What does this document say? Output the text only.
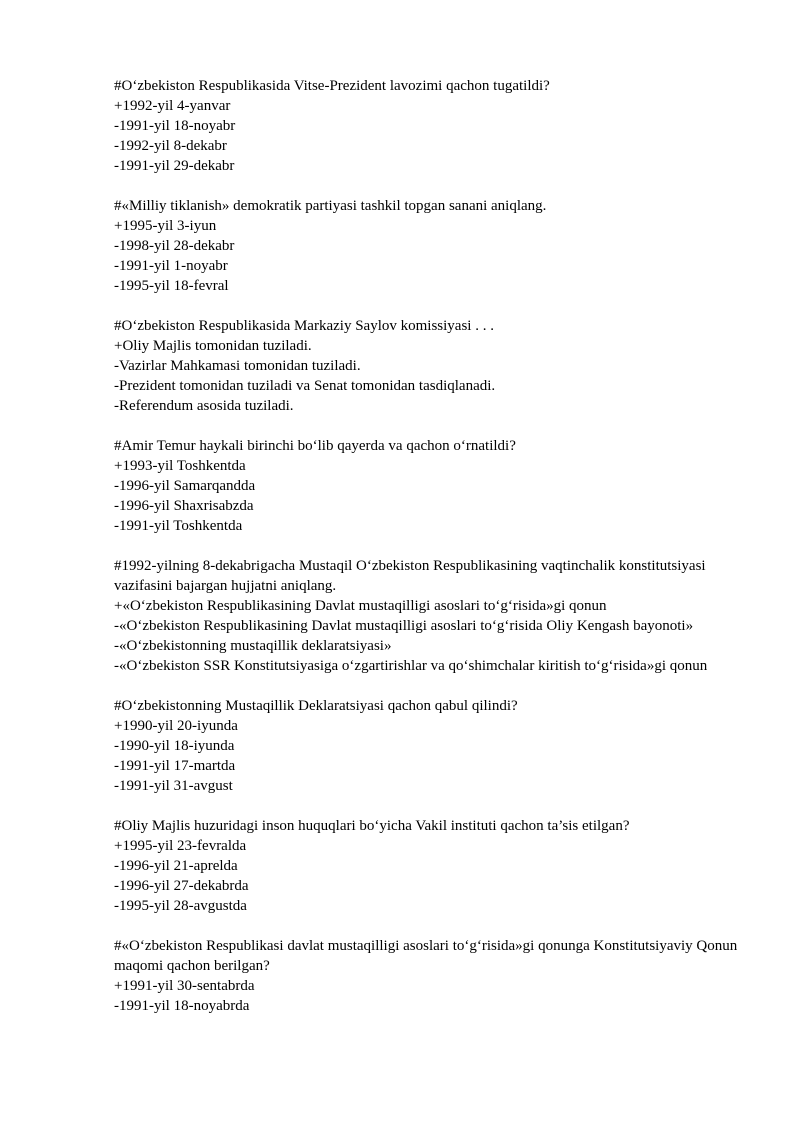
#O‘zbekiston Respublikasida Vitse-Prezident lavozimi qachon tugatildi?
+1992-yil 4-yanvar
-1991-yil 18-noyabr
-1992-yil 8-dekabr
-1991-yil 29-dekabr
#«Milliy tiklanish» demokratik partiyasi tashkil topgan sanani aniqlang.
+1995-yil 3-iyun
-1998-yil 28-dekabr
-1991-yil 1-noyabr
-1995-yil 18-fevral
#O‘zbekiston Respublikasida Markaziy Saylov komissiyasi . . .
+Oliy Majlis tomonidan tuziladi.
-Vazirlar Mahkamasi tomonidan tuziladi.
-Prezident tomonidan tuziladi va Senat tomonidan tasdiqlanadi.
-Referendum asosida tuziladi.
#Amir Temur haykali birinchi bo‘lib qayerda va qachon o‘rnatildi?
+1993-yil Toshkentda
-1996-yil Samarqandda
-1996-yil Shaxrisabzda
-1991-yil Toshkentda
#1992-yilning 8-dekabrigacha Mustaqil O‘zbekiston Respublikasining vaqtinchalik konstitutsiyasi vazifasini bajargan hujjatni aniqlang.
+«O‘zbekiston Respublikasining Davlat mustaqilligi asoslari to‘g‘risida»gi qonun
-«O‘zbekiston Respublikasining Davlat mustaqilligi asoslari to‘g‘risida Oliy Kengash bayonoti»
-«O‘zbekistonning mustaqillik deklaratsiyasi»
-«O‘zbekiston SSR Konstitutsiyasiga o‘zgartirishlar va qo‘shimchalar kiritish to‘g‘risida»gi qonun
#O‘zbekistonning Mustaqillik Deklaratsiyasi qachon qabul qilindi?
+1990-yil 20-iyunda
-1990-yil 18-iyunda
-1991-yil 17-martda
-1991-yil 31-avgust
#Oliy Majlis huzuridagi inson huquqlari bo‘yicha Vakil instituti qachon ta’sis etilgan?
+1995-yil 23-fevralda
-1996-yil 21-aprelda
-1996-yil 27-dekabrda
-1995-yil 28-avgustda
#«O‘zbekiston Respublikasi davlat mustaqilligi asoslari to‘g‘risida»gi qonunga Konstitutsiyaviy Qonun maqomi qachon berilgan?
+1991-yil 30-sentabrda
-1991-yil 18-noyabrda
